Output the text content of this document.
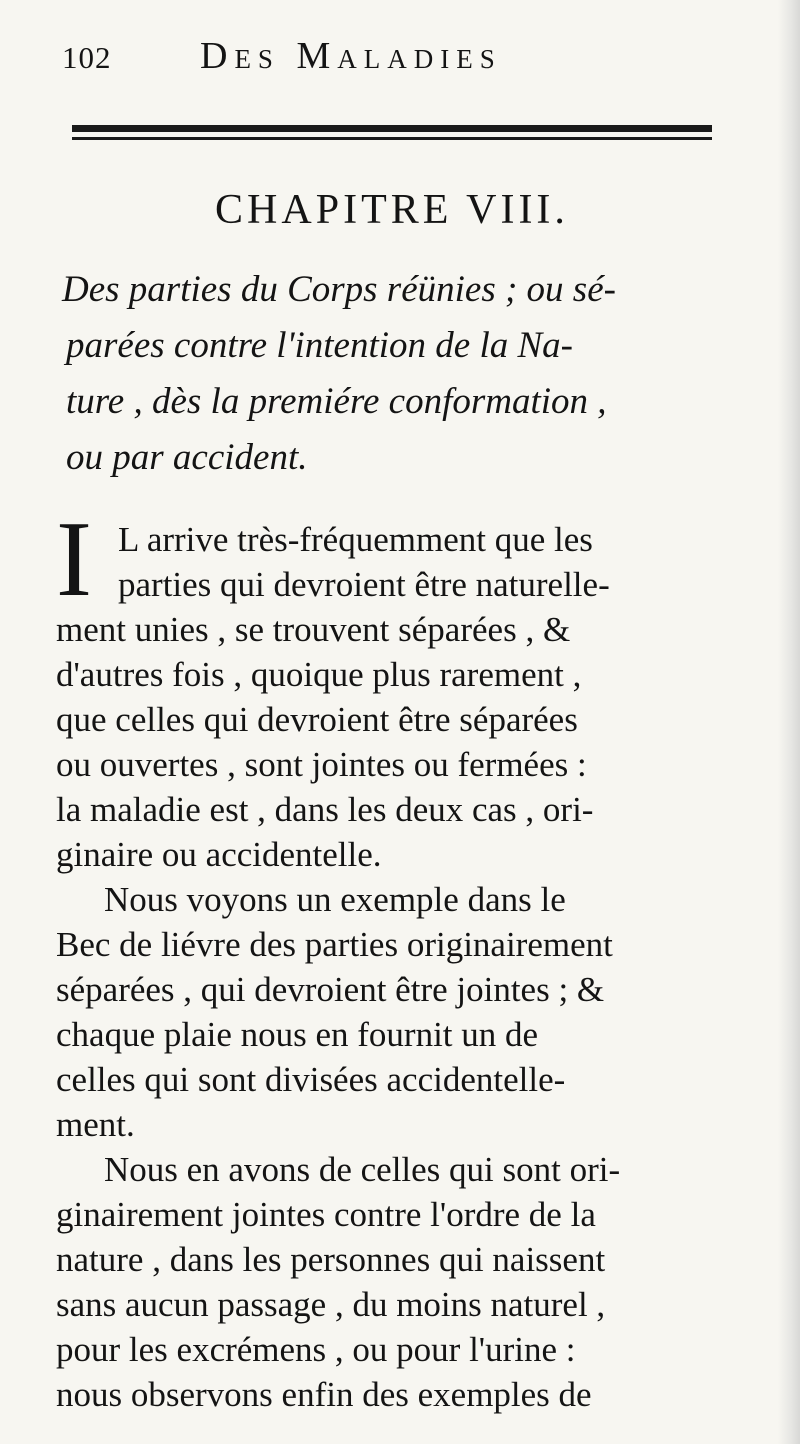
102 Des Maladies
CHAPITRE VIII.
Des parties du Corps réünies ; ou sé-
parées contre l'intention de la Na-
ture , dès la premiére conformation ,
ou par accident.
I L arrive très-fréquemment que les
parties qui devroient être naturelle-
ment unies , se trouvent séparées , &
d'autres fois , quoique plus rarement ,
que celles qui devroient être séparées
ou ouvertes , sont jointes ou fermées :
la maladie est , dans les deux cas , ori-
ginaire ou accidentelle.
Nous voyons un exemple dans le
Bec de liévre des parties originairement
séparées , qui devroient être jointes ; &
chaque plaie nous en fournit un de
celles qui sont divisées accidentelle-
ment.
Nous en avons de celles qui sont ori-
ginairement jointes contre l'ordre de la
nature , dans les personnes qui naissent
sans aucun passage , du moins naturel ,
pour les excrémens , ou pour l'urine :
nous observons enfin des exemples de
